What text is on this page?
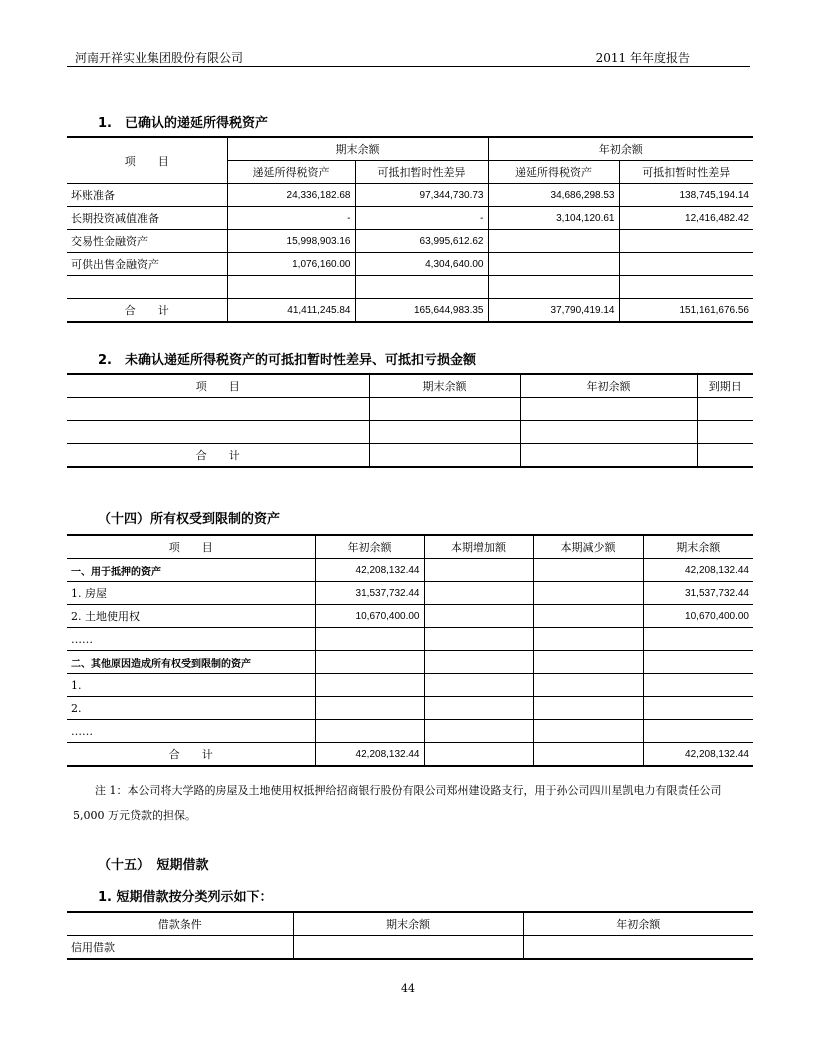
河南开祥实业集团股份有限公司	2011 年年度报告
1.　已确认的递延所得税资产
项　　目	期末余额		年初余额	
	递延所得税资产	可抵扣暂时性差异	递延所得税资产	可抵扣暂时性差异
坏账准备	24,336,182.68	97,344,730.73	34,686,298.53	138,745,194.14
长期投资减值准备	-	-	3,104,120.61	12,416,482.42
交易性金融资产	15,998,903.16	63,995,612.62		
可供出售金融资产	1,076,160.00	4,304,640.00		

合　　计	41,411,245.84	165,644,983.35	37,790,419.14	151,161,676.56
2.　未确认递延所得税资产的可抵扣暂时性差异、可抵扣亏损金额
项　　目	期末余额	年初余额	到期日

合　　计			
（十四）所有权受到限制的资产
项　　目	年初余额	本期增加额	本期减少额	期末余额
一、用于抵押的资产	42,208,132.44			42,208,132.44
1. 房屋	31,537,732.44			31,537,732.44
2. 土地使用权	10,670,400.00			10,670,400.00
……				
二、其他原因造成所有权受到限制的资产				
1.				
2.				
……				
合　　计	42,208,132.44			42,208,132.44
注 1：本公司将大学路的房屋及土地使用权抵押给招商银行股份有限公司郑州建设路支行，用于孙公司四川星凯电力有限责任公司 5,000 万元贷款的担保。
（十五）　短期借款
1. 短期借款按分类列示如下：
借款条件	期末余额	年初余额
信用借款		
44
